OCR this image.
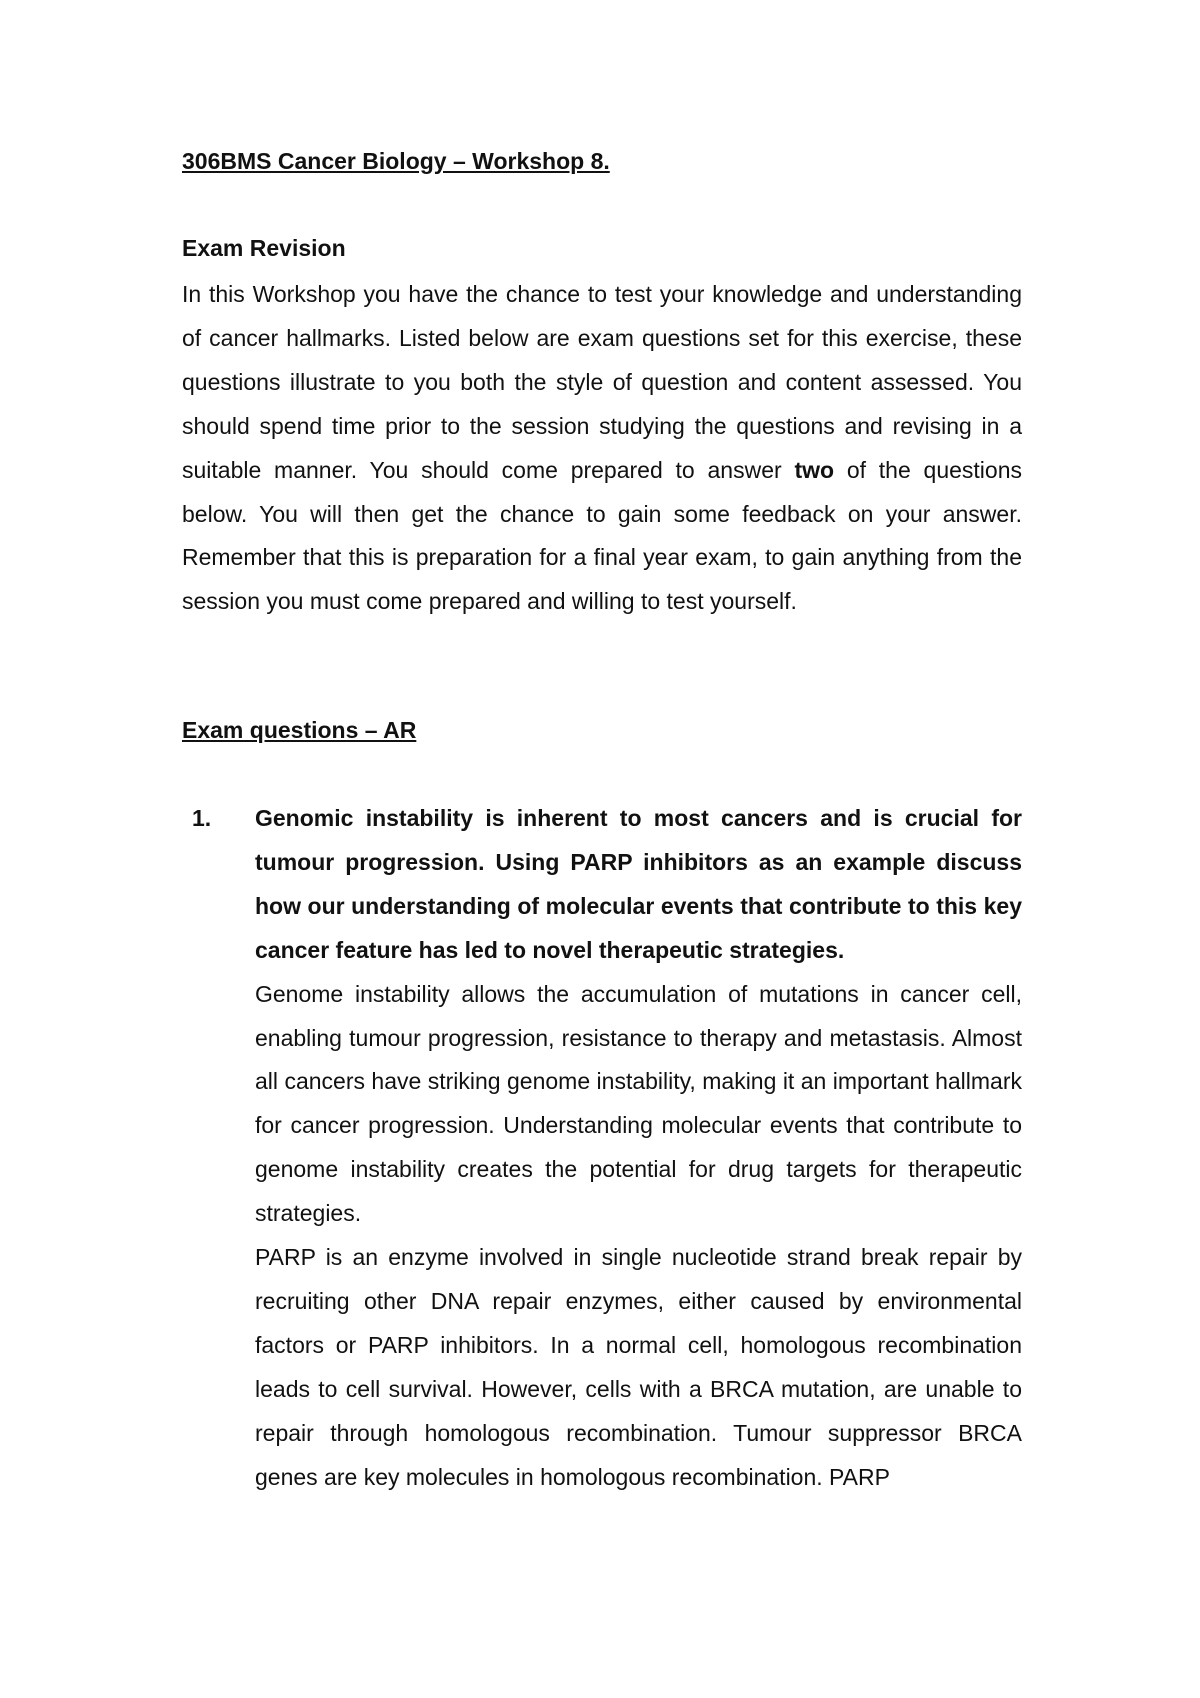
306BMS Cancer Biology – Workshop 8.
Exam Revision

In this Workshop you have the chance to test your knowledge and understanding of cancer hallmarks. Listed below are exam questions set for this exercise, these questions illustrate to you both the style of question and content assessed. You should spend time prior to the session studying the questions and revising in a suitable manner. You should come prepared to answer two of the questions below. You will then get the chance to gain some feedback on your answer. Remember that this is preparation for a final year exam, to gain anything from the session you must come prepared and willing to test yourself.

Exam questions – AR
1. Genomic instability is inherent to most cancers and is crucial for tumour progression. Using PARP inhibitors as an example discuss how our understanding of molecular events that contribute to this key cancer feature has led to novel therapeutic strategies.

Genome instability allows the accumulation of mutations in cancer cell, enabling tumour progression, resistance to therapy and metastasis. Almost all cancers have striking genome instability, making it an important hallmark for cancer progression. Understanding molecular events that contribute to genome instability creates the potential for drug targets for therapeutic strategies.

PARP is an enzyme involved in single nucleotide strand break repair by recruiting other DNA repair enzymes, either caused by environmental factors or PARP inhibitors. In a normal cell, homologous recombination leads to cell survival. However, cells with a BRCA mutation, are unable to repair through homologous recombination. Tumour suppressor BRCA genes are key molecules in homologous recombination. PARP
